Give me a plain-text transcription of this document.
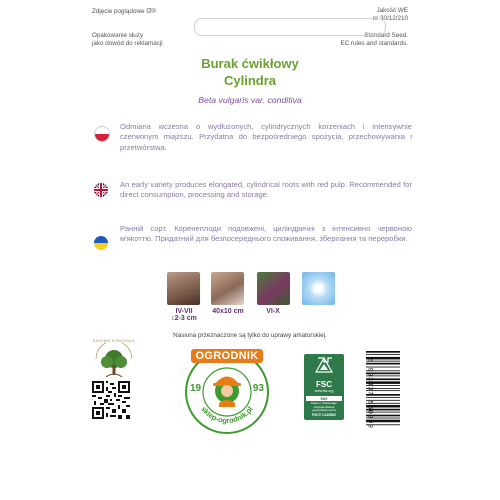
Zdjęcie poglądowe α®
Opakowanie służy
jako dowód do reklamacji
Jakość WE
nr 30/12/210
Standard Seed.
EC rules and standards.
Burak ćwikłowy
Cylindra
Beta vulgaris var. conditiva
Odmiana wczesna o wydłużonych, cylindrycznych korzeniach i intensywnie czerwonym miąższu. Przydatna do bezpośredniego spożycia, przechowywania i przetwórstwa.
An early variety produces elongated, cylindrical roots with red pulp. Recommended for direct consumption, processing and storage.
Ранній сорт. Коренеплоди подовжені, циліндричні з інтенсивно червоною м'якоттю. Придатний для безпосереднього споживання, зберігання та переробки.
IV-VII
↕2-3 cm
40x10 cm	VI-X
Nasiona przeznaczone są tylko do uprawy amatorskiej.
SIŁOWA KORZENIA
sklep-ogrodnik.pl
OGRODNIK
19	93	FSC
www.fsc.org
MIX
Papier | Wspierając
odpowiedzialną
gospodarkę leśną
FSC® C135962	5 903837 560899
